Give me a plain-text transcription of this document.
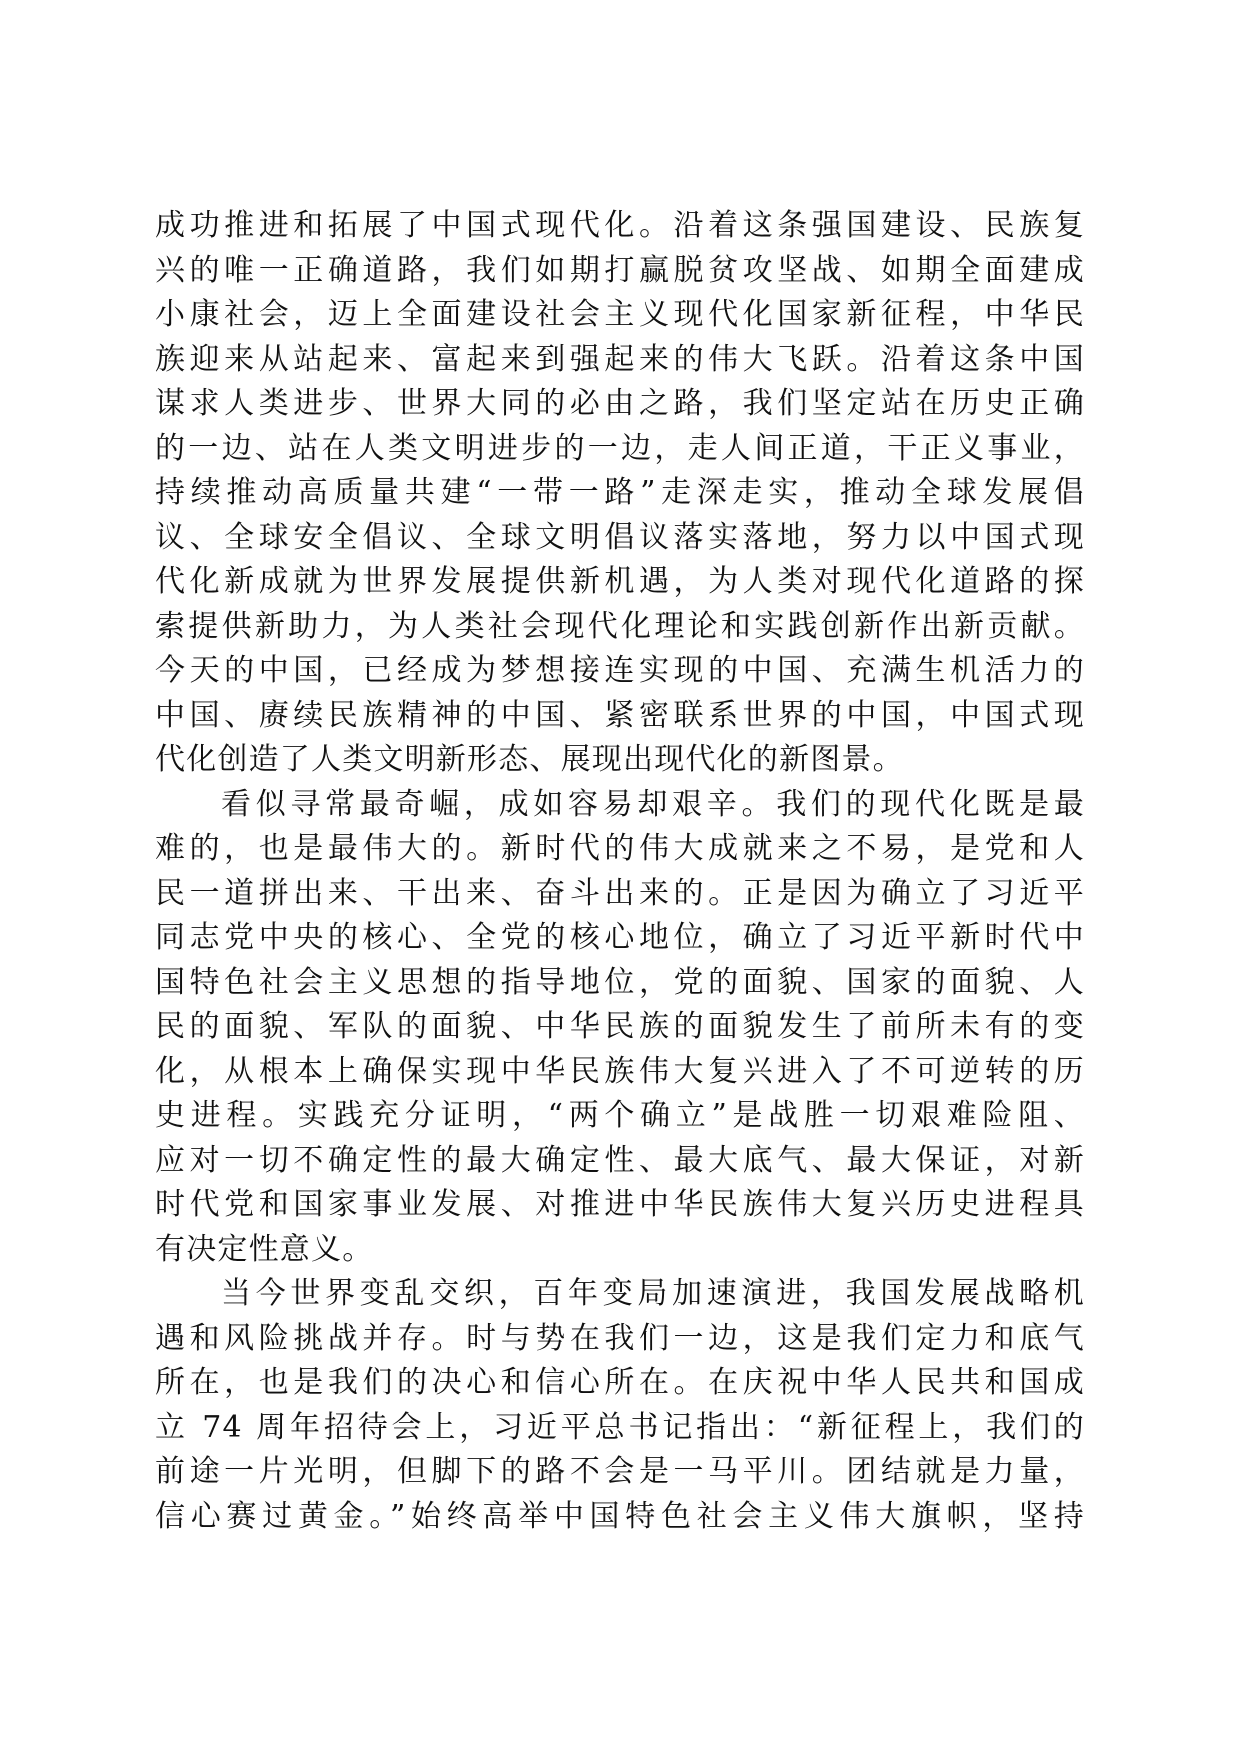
成功推进和拓展了中国式现代化。沿着这条强国建设、民族复
兴的唯一正确道路，我们如期打赢脱贫攻坚战、如期全面建成
小康社会，迈上全面建设社会主义现代化国家新征程，中华民
族迎来从站起来、富起来到强起来的伟大飞跃。沿着这条中国
谋求人类进步、世界大同的必由之路，我们坚定站在历史正确
的一边、站在人类文明进步的一边，走人间正道，干正义事业，
持续推动高质量共建“一带一路”走深走实，推动全球发展倡
议、全球安全倡议、全球文明倡议落实落地，努力以中国式现
代化新成就为世界发展提供新机遇，为人类对现代化道路的探
索提供新助力，为人类社会现代化理论和实践创新作出新贡献。
今天的中国，已经成为梦想接连实现的中国、充满生机活力的
中国、赓续民族精神的中国、紧密联系世界的中国，中国式现
代化创造了人类文明新形态、展现出现代化的新图景。
看似寻常最奇崛，成如容易却艰辛。我们的现代化既是最
难的，也是最伟大的。新时代的伟大成就来之不易，是党和人
民一道拼出来、干出来、奋斗出来的。正是因为确立了习近平
同志党中央的核心、全党的核心地位，确立了习近平新时代中
国特色社会主义思想的指导地位，党的面貌、国家的面貌、人
民的面貌、军队的面貌、中华民族的面貌发生了前所未有的变
化，从根本上确保实现中华民族伟大复兴进入了不可逆转的历
史进程。实践充分证明，“两个确立”是战胜一切艰难险阻、
应对一切不确定性的最大确定性、最大底气、最大保证，对新
时代党和国家事业发展、对推进中华民族伟大复兴历史进程具
有决定性意义。
当今世界变乱交织，百年变局加速演进，我国发展战略机
遇和风险挑战并存。时与势在我们一边，这是我们定力和底气
所在，也是我们的决心和信心所在。在庆祝中华人民共和国成
立 74 周年招待会上，习近平总书记指出：“新征程上，我们的
前途一片光明，但脚下的路不会是一马平川。团结就是力量，
信心赛过黄金。”始终高举中国特色社会主义伟大旗帜，坚持
